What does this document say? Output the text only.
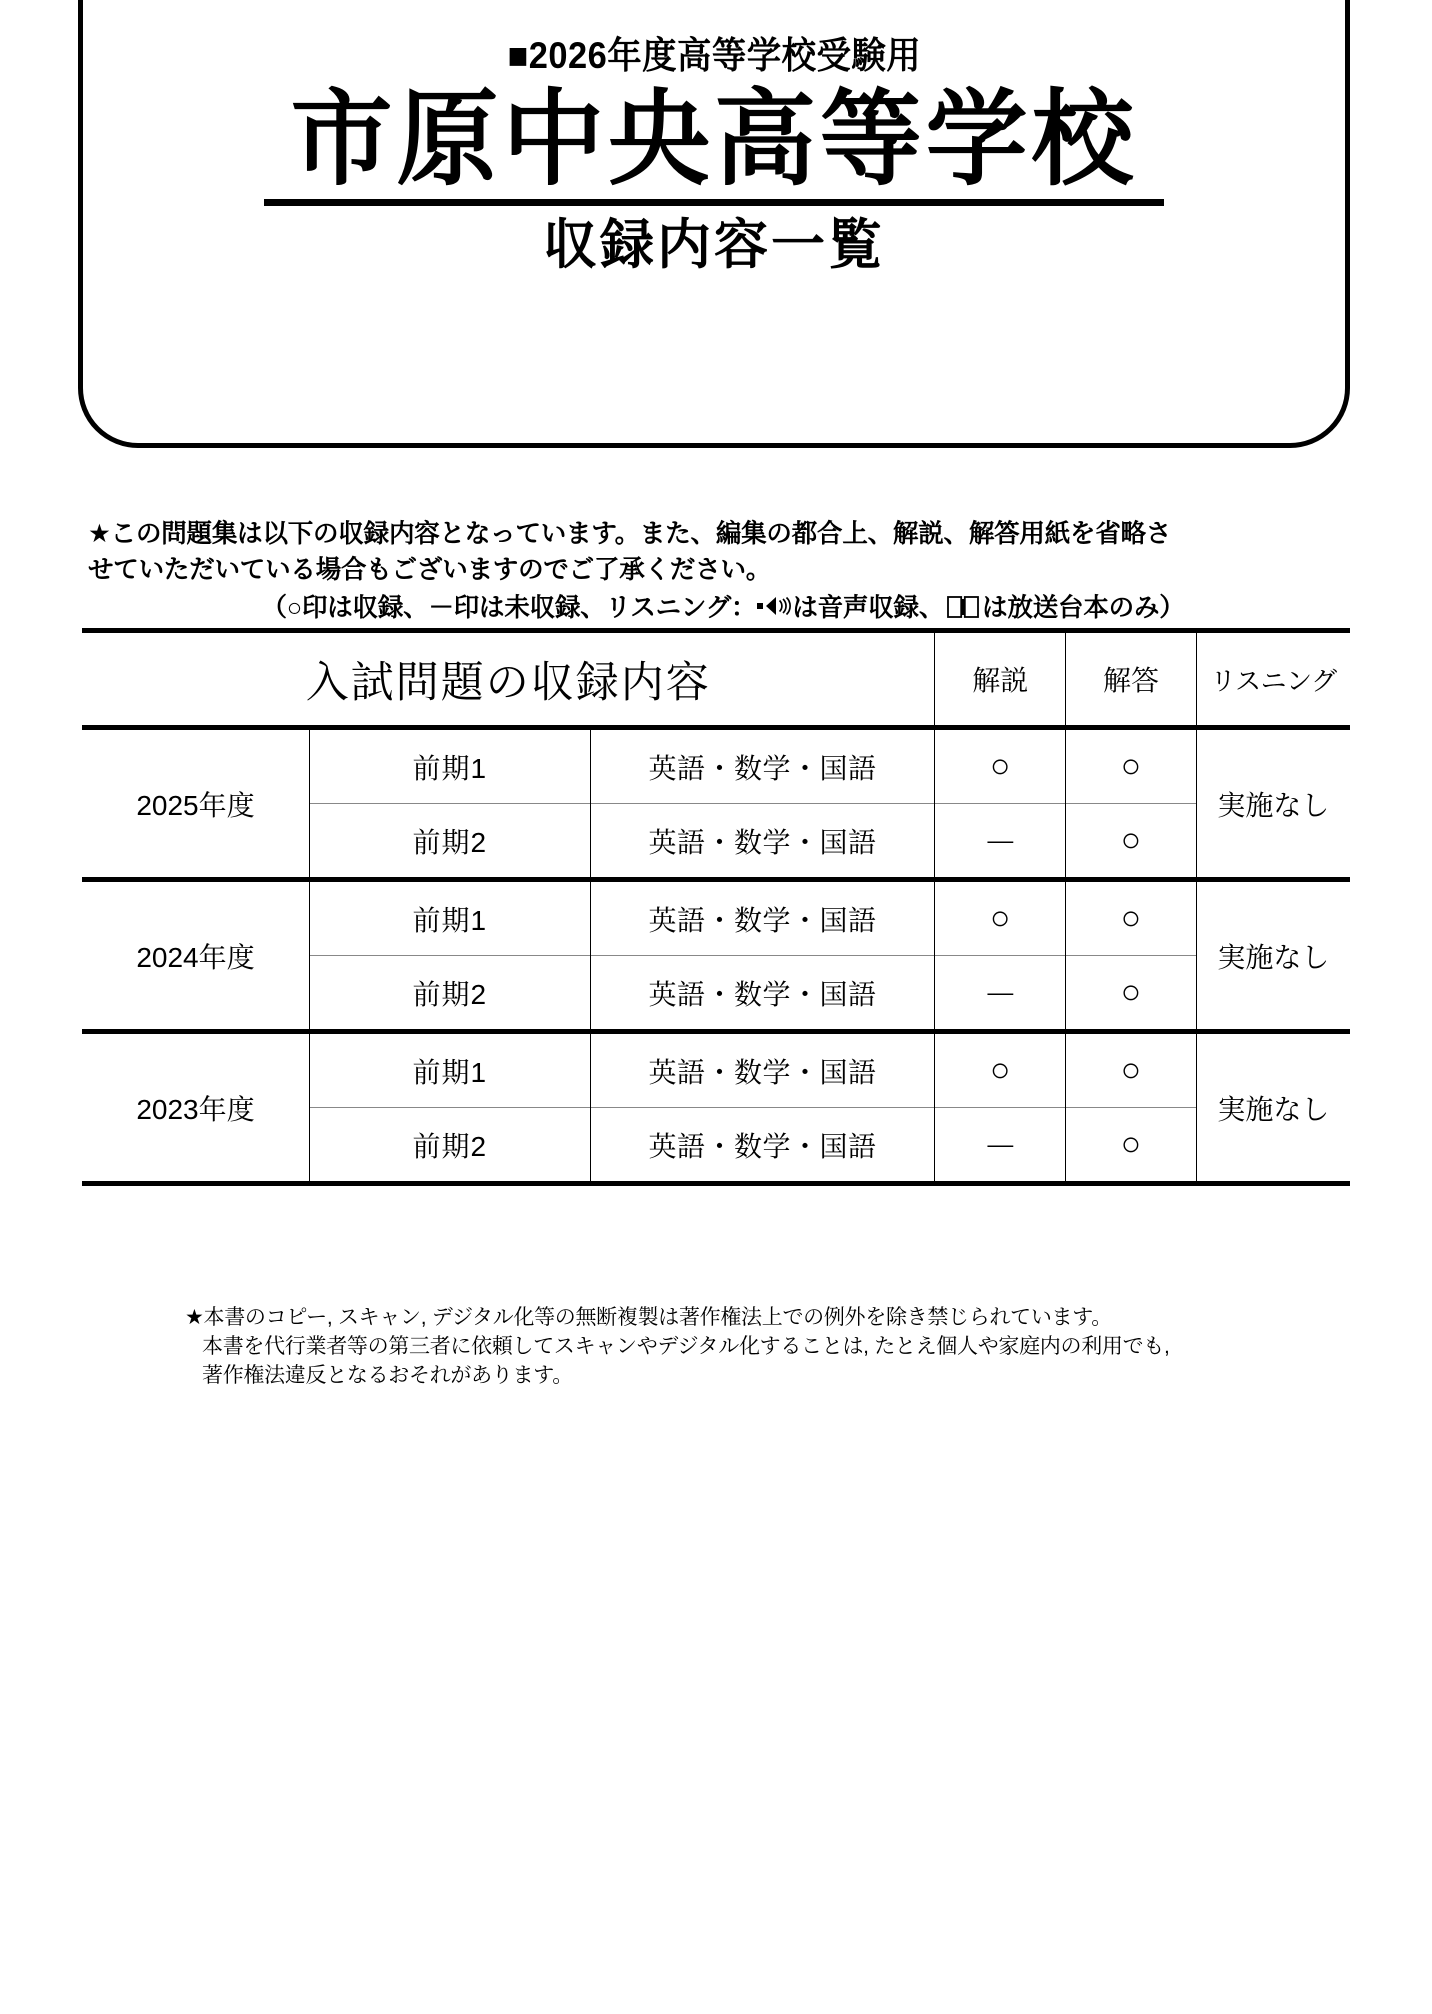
■2026年度高等学校受験用
市原中央高等学校
収録内容一覧
★この問題集は以下の収録内容となっています。また、編集の都合上、解説、解答用紙を省略さ
せていただいている場合もございますのでご了承ください。
（○印は収録、－印は未収録、リスニング： は音声収録、 は放送台本のみ）
入試問題の収録内容			解説	解答	リスニング
2025年度	前期1	英語・数学・国語	○	○	実施なし
	前期2	英語・数学・国語	－	○	
2024年度	前期1	英語・数学・国語	○	○	実施なし
	前期2	英語・数学・国語	－	○	
2023年度	前期1	英語・数学・国語	○	○	実施なし
	前期2	英語・数学・国語	－	○	

★本書のコピー, スキャン, デジタル化等の無断複製は著作権法上での例外を除き禁じられています。
本書を代行業者等の第三者に依頼してスキャンやデジタル化することは, たとえ個人や家庭内の利用でも,
著作権法違反となるおそれがあります。
